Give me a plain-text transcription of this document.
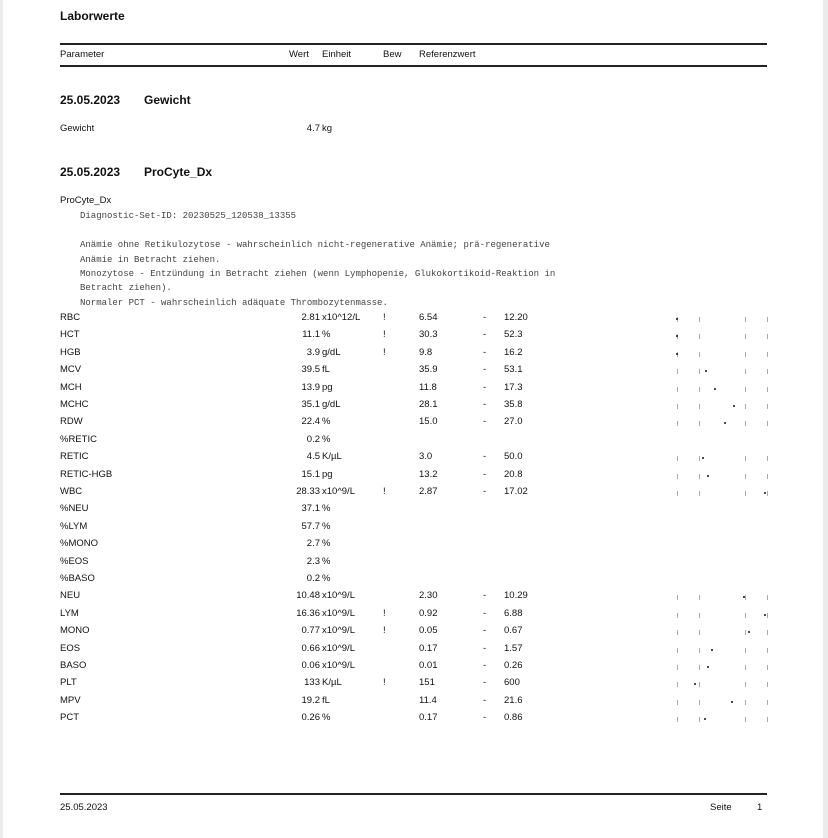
Laborwerte
Parameter	Wert Einheit	Bew Referenzwert
25.05.2023 Gewicht
Gewicht	4.7 kg
25.05.2023 ProCyte_Dx
ProCyte_Dx
Diagnostic-Set-ID: 20230525_120538_13355
Anämie ohne Retikulozytose - wahrscheinlich nicht-regenerative Anämie; prä-regenerative
Anämie in Betracht ziehen.
Monozytose - Entzündung in Betracht ziehen (wenn Lymphopenie, Glukokortikoid-Reaktion in
Betracht ziehen).
Normaler PCT - wahrscheinlich adäquate Thrombozytenmasse.
RBC	2.81 x10^12/L !	6.54	- 12.20
HCT	11.1 %	!	30.3	- 52.3
HGB	3.9 g/dL	!	9.8	- 16.2
MCV	39.5 fL	35.9	- 53.1
MCH	13.9 pg	11.8	- 17.3
MCHC	35.1 g/dL	28.1	- 35.8
RDW	22.4 %	15.0	- 27.0
%RETIC	0.2 %
RETIC	4.5 K/µL	3.0	- 50.0
RETIC-HGB	15.1 pg	13.2	- 20.8
WBC	28.33 x10^9/L	!	2.87	- 17.02
%NEU	37.1 %
%LYM	57.7 %
%MONO	2.7 %
%EOS	2.3 %
%BASO	0.2 %
NEU	10.48 x10^9/L	2.30	- 10.29
LYM	16.36 x10^9/L	!	0.92	- 6.88
MONO	0.77 x10^9/L	!	0.05	- 0.67
EOS	0.66 x10^9/L	0.17	- 1.57
BASO	0.06 x10^9/L	0.01	- 0.26
PLT	133 K/µL	!	151	- 600
MPV	19.2 fL	11.4	- 21.6
PCT	0.26 %	0.17	- 0.86
25.05.2023	Seite	1
